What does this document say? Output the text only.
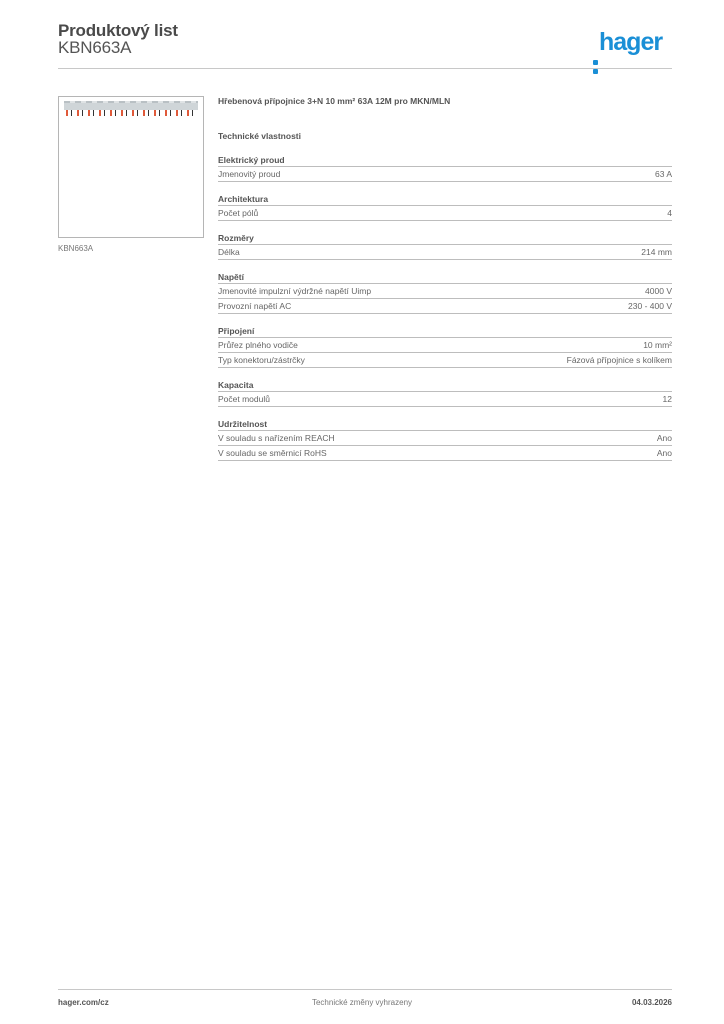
Produktový list
KBN663A	hager
KBN663A
Hřebenová přípojnice 3+N 10 mm² 63A 12M pro MKN/MLN
Technické vlastnosti
Elektrický proud
Jmenovitý proud	63 A
Architektura
Počet pólů	4
Rozměry
Délka	214 mm
Napětí
Jmenovité impulzní výdržné napětí Uimp	4000 V
Provozní napětí AC	230 - 400 V
Připojení
Průřez plného vodiče	10 mm²
Typ konektoru/zástrčky	Fázová přípojnice s kolíkem
Kapacita
Počet modulů	12
Udržitelnost
V souladu s nařízením REACH	Ano
V souladu se směrnicí RoHS	Ano
hager.com/cz	Technické změny vyhrazeny	04.03.2026
